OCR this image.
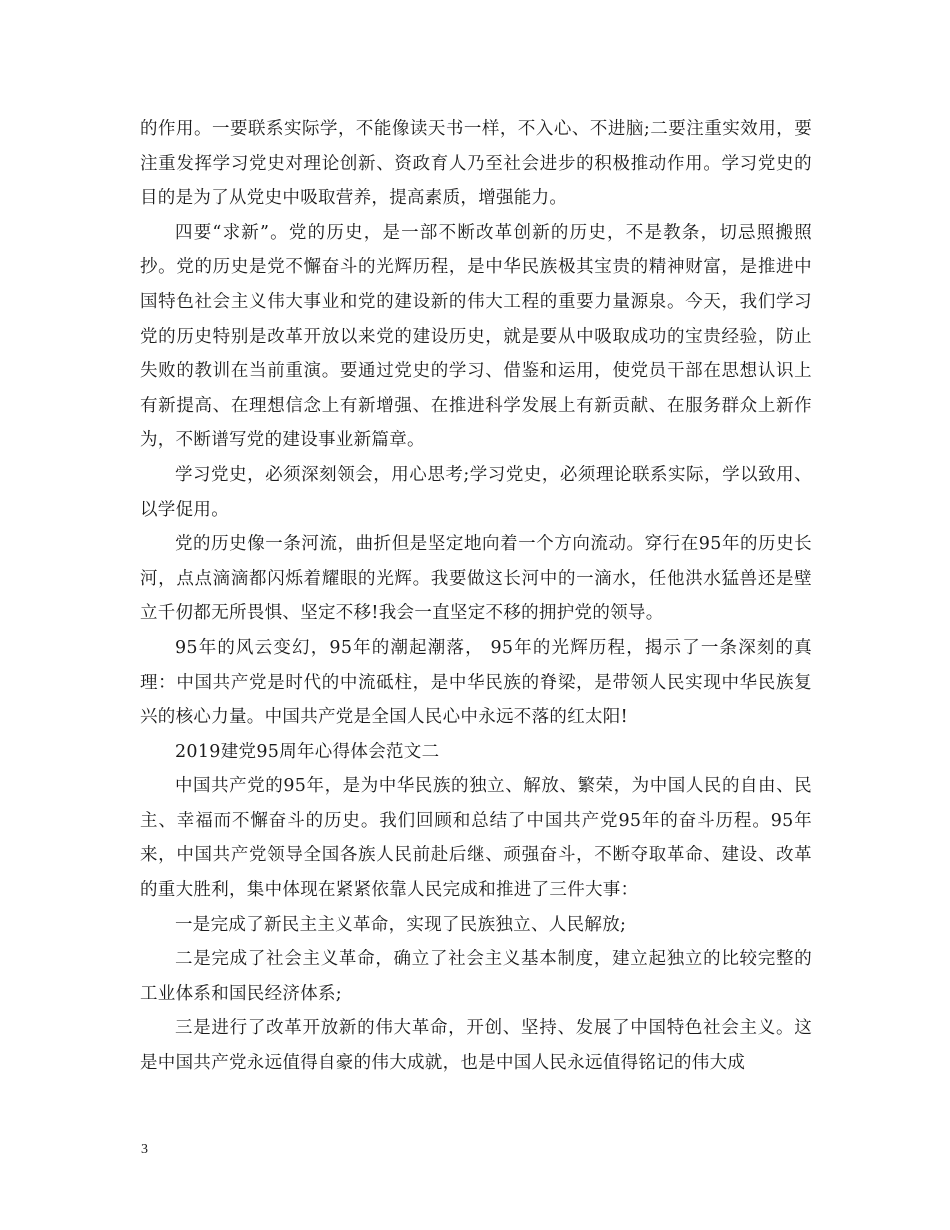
的作用。一要联系实际学，不能像读天书一样，不入心、不进脑;二要注重实效用，要注重发挥学习党史对理论创新、资政育人乃至社会进步的积极推动作用。学习党史的目的是为了从党史中吸取营养，提高素质，增强能力。

四要“求新”。党的历史，是一部不断改革创新的历史，不是教条，切忌照搬照抄。党的历史是党不懈奋斗的光辉历程，是中华民族极其宝贵的精神财富，是推进中国特色社会主义伟大事业和党的建设新的伟大工程的重要力量源泉。今天，我们学习党的历史特别是改革开放以来党的建设历史，就是要从中吸取成功的宝贵经验，防止失败的教训在当前重演。要通过党史的学习、借鉴和运用，使党员干部在思想认识上有新提高、在理想信念上有新增强、在推进科学发展上有新贡献、在服务群众上新作为，不断谱写党的建设事业新篇章。

学习党史，必须深刻领会，用心思考;学习党史，必须理论联系实际，学以致用、以学促用。

党的历史像一条河流，曲折但是坚定地向着一个方向流动。穿行在95年的历史长河，点点滴滴都闪烁着耀眼的光辉。我要做这长河中的一滴水，任他洪水猛兽还是壁立千仞都无所畏惧、坚定不移!我会一直坚定不移的拥护党的领导。

95年的风云变幻，95年的潮起潮落， 95年的光辉历程，揭示了一条深刻的真理：中国共产党是时代的中流砥柱，是中华民族的脊梁，是带领人民实现中华民族复兴的核心力量。中国共产党是全国人民心中永远不落的红太阳!

2019建党95周年心得体会范文二

中国共产党的95年，是为中华民族的独立、解放、繁荣，为中国人民的自由、民主、幸福而不懈奋斗的历史。我们回顾和总结了中国共产党95年的奋斗历程。95年来，中国共产党领导全国各族人民前赴后继、顽强奋斗，不断夺取革命、建设、改革的重大胜利，集中体现在紧紧依靠人民完成和推进了三件大事：

一是完成了新民主主义革命，实现了民族独立、人民解放;

二是完成了社会主义革命，确立了社会主义基本制度，建立起独立的比较完整的工业体系和国民经济体系;

三是进行了改革开放新的伟大革命，开创、坚持、发展了中国特色社会主义。这是中国共产党永远值得自豪的伟大成就，也是中国人民永远值得铭记的伟大成

3
